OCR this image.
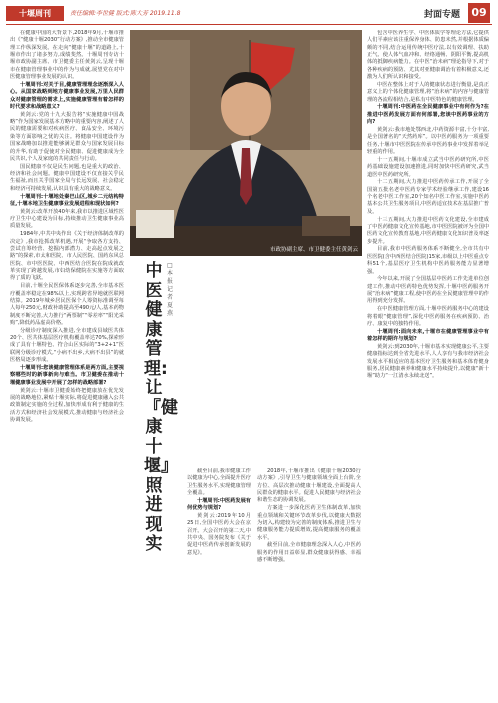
十堰周刊	责任编辑:李世健 版式:陈大芳 2019.11.8	封面专题	09

在健康中国的大背景下,2018年9月,十堰市推出《“健康十堰2030”行动方案》,推动全市健康管理工作纵深发展。在走向“健康十堰”的道路上,十堰市作出了诸多努力,成绩斐然。十堰周刊专访十堰市政协副主席、市卫健委主任黄剑云,呈现十堰市在健康管理事业中的作为与成就,展望党在对中医健康管理事业发展的认识。

十堰周刊:对关于目,健康管理理念逐渐深入人心。从国家战略到地方健康事业发展,万里人民群众对健康管理的需求上,实施健康管理有着怎样的时代要求和战略意义?

黄剑云:党的十九大报告将“实施健康中国战略”作为国家发展基本方略中的重要内容,阐述了人民的健康需要和对疾病医疗、食品安全、环境污染等方面影响之忧的关注。将健康中国建设作为国家战略加以推进能够满足群众与国家发展目标的升华,有助于促使对全民健康、促进健康成为全民共识,个人及家庭的共同责任与行动。

国民健康不仅是民生问题,也是重大的政治、经济和社会问题。健康中国建设不仅直接关乎民生福祉,而且关乎国家全局与长远发展、社会稳定和经济可持续发展,认识具有重大的战略意义。

十堰周刊:十堰地处秦巴山区,城乡二元结构特征,十堰本地卫生健康事业发展进程和现状如何?

黄剑云:改革开放40年来,我市以推进区域性医疗卫生中心建设为目标,持续推动卫生健康事业高质量发展。

1984年,中共中央作出《关于经济体制改革的决定》,我市抢抓改革机遇,开展“争取各方支持、尝试自筹经营、挖掘内部潜力、走高起点发展之路”的探索,市太和医院、市人民医院、国药东风总医院、市中医医院、中西医结合医院在院成就改革实现了跨越发展,市妇幼保健院在实施等方面取得了质的飞跃。

目前,十堰全民医保体系逐步完善,全市基本医疗覆盖率稳定在98%以上,实现跨省异地就医联网结算。2019年城乡居民医保个人筹资标准调至每人每年250元,财政补助提高至490元/人,基本药物制度不断完善,大力推行“两票制”“零差率”“阳光采购”,降低药品虚高价格。

分级诊疗制度深入推进,全市建成县域医共体20个、医共体基层医疗机构覆盖率达70%,探索形成了具有十堰特色、符合山区实际的“3+2+1”医联网分级诊疗模式,“小病不出乡,大病不出县”的就医格局逐步形成。

十堰周刊:您谈健康管理体系是两方面,主要视察哪些时的新事新向与难当。市卫健委在推动十堰健康事业发展中开展了怎样的战略部署?

黄剑云:十堰市卫健委始终把健康放在优先发展的战略地位,紧贴十堰实际,将促进健康融入公共政策制定实施的全过程,加快形成有利于健康的生活方式和经济社会发展模式,推动健康与经济社会协调发展。

市政协副主席、市卫健委主任黄剑云
□本报记者 夏燕
中医健康管理:让『健康十堰』照进现实

截至目前,我市健康工作以健康为中心,全面提升医疗卫生服务水平,实现健康管理全覆盖。

十堰周刊:中医药发展有何优势与规划?

黄剑云:2019年10月25日,全国中医药大会在京召开。大会召开的第二天,中共中央、国务院发布《关于促进中医药传承创新发展的意见》。

2018年,十堰市推出《健康十堰2030行动方案》,引导卫生与健康领域全面上台阶,全方位、高层次推动健康十堰建设,全面提高人民群众的健康水平。促进人民健康与经济社会和谐生态的协调发展。

方案进一步深化医药卫生体制改革,加快重点领域和关键环节改革步伐,以健康大数据为切入,构建较为完善的制度体系,推进卫生与健康服务能力提质增效,提高健康服务的覆盖水平。

截至目前,全市健康理念深入人心,中医药服务的作用日益彰显,群众健康获得感、幸福感不断增强。

包含中医养生学、中医体质学等理论方法,它提供人们平素应该注重保养身体、防患未然,并根据体质偏颇的不同,结合运用传统中医疗法,以有效调理、扶助正气、使人体气血冲和、经络通畅、阴阳平衡,提高机体的抵御疾病能力。在中医“治未病”理论指导下,对于各种疾病的预防、尤其对亚健康调治有着积极意义,还激为人们所认识和接受。

中医在整体上对于人的健康状态进行衡量,是真正意义上的个体化健康管理,将“治未病”的内容与健康管理的各流程相结合,是私有中医特色的健康管理。

十堰周刊:中医药在全民健康事业中有何作为?在推进中医药发展方面有何部署,您谈中医药事业的方向?

黄剑云:我市地处鄂西北,中药资源丰富,十分丰富,是全国著名的“天然药库”。以中医药服务为一项重要任务,十堰市中医医院在传承中医药事业中发挥着举足轻重的作用。

十一五期间,十堰市成立武当中医药研究所,中医药基础设施建设加速推进,同时加快中医药研究,武当道医中医药研究所。

十二五期间,大力推进中医药传承工作,开展了全国第五批名老中医药专家学术经验继承工作,建设16个名老中医工作室,20个知名中医工作室,实施中医药基本公共卫生服务项目,中医药适宜技术在基层推广普及。

十三五期间,大力推进中医药文化建设,全市建成了中医药健康文化宣传基地,市中医医院被评为全国中医药文化宣传教育基地,中医药健康文化知识普及率逐步提升。

目前,我市中医药服务体系不断健全,全市共有中医医院(含中西医结合医院)15家,市级以上中医重点专科51个,基层医疗卫生机构中医药服务能力显著增强。

今年以来,开展了全国基层中医药工作先进单位创建工作,推动中医药特色优势发挥,十堰中医药服务开展“治未病”健康工程,使中医药在全民健康管理中的作用得到充分发挥。

在中医健康管理方面,十堰中医药服务中心的建设将着眼“健康管理”,深化中医药服务在疾病预防、治疗、康复中的独特作用。

十堰周刊:面向未来,十堰市在健康管理事业中有着怎样的期许与规划?

黄剑云:到2030年,十堰市基本实现健康公平,主要健康指标达到全省先进水平,人人享有与我市经济社会发展水平相适应的基本医疗卫生服务和基本体育健身服务,居民健康素养和健康水平持续提升,以健康“新十堰”助力“一江清水永续北送”。
